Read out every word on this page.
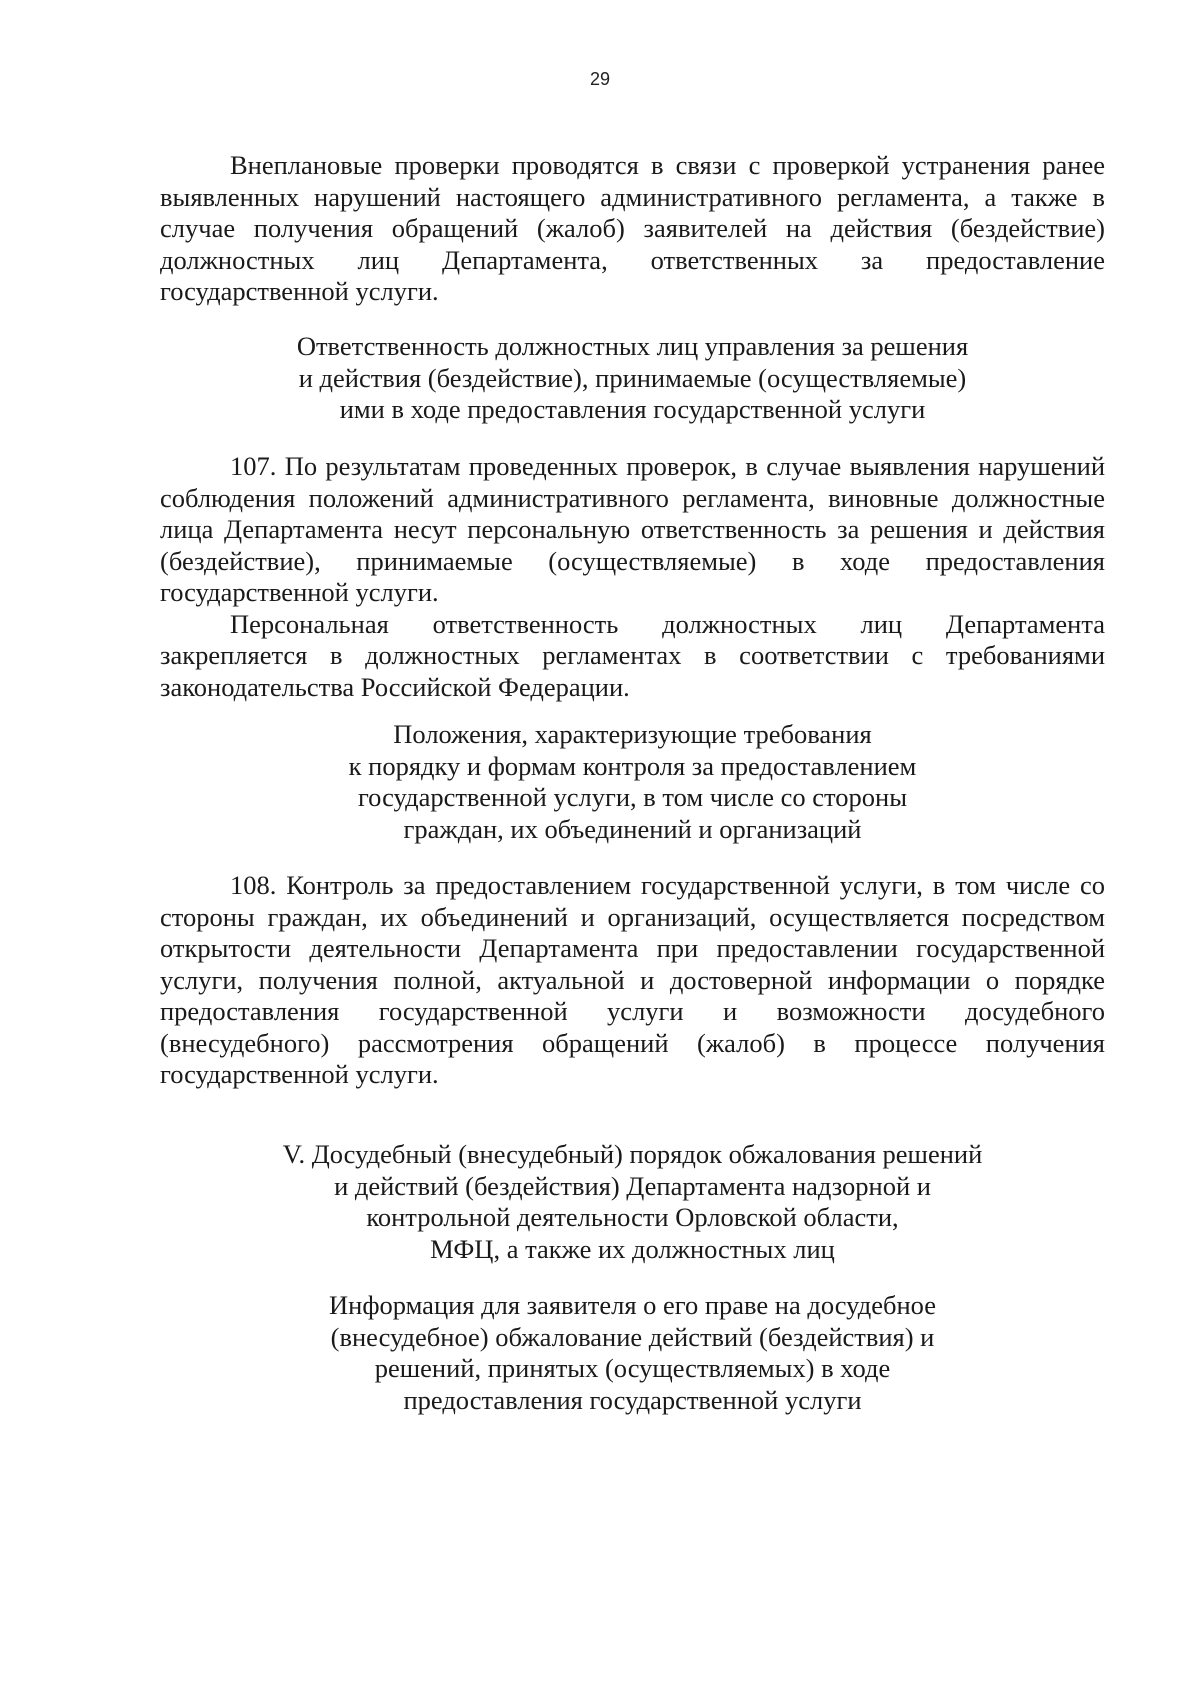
29

Внеплановые проверки проводятся в связи с проверкой устранения ранее выявленных нарушений настоящего административного регламента, а также в случае получения обращений (жалоб) заявителей на действия (бездействие) должностных лиц Департамента, ответственных за предоставление государственной услуги.

Ответственность должностных лиц управления за решения
и действия (бездействие), принимаемые (осуществляемые)
ими в ходе предоставления государственной услуги

107. По результатам проведенных проверок, в случае выявления нарушений соблюдения положений административного регламента, виновные должностные лица Департамента несут персональную ответственность за решения и действия (бездействие), принимаемые (осуществляемые) в ходе предоставления государственной услуги.

Персональная ответственность должностных лиц Департамента закрепляется в должностных регламентах в соответствии с требованиями законодательства Российской Федерации.

Положения, характеризующие требования
к порядку и формам контроля за предоставлением
государственной услуги, в том числе со стороны
граждан, их объединений и организаций

108. Контроль за предоставлением государственной услуги, в том числе со стороны граждан, их объединений и организаций, осуществляется посредством открытости деятельности Департамента при предоставлении государственной услуги, получения полной, актуальной и достоверной информации о порядке предоставления государственной услуги и возможности досудебного (внесудебного) рассмотрения обращений (жалоб) в процессе получения государственной услуги.

V. Досудебный (внесудебный) порядок обжалования решений
и действий (бездействия) Департамента надзорной и
контрольной деятельности Орловской области,
МФЦ, а также их должностных лиц
Информация для заявителя о его праве на досудебное
(внесудебное) обжалование действий (бездействия) и
решений, принятых (осуществляемых) в ходе
предоставления государственной услуги
